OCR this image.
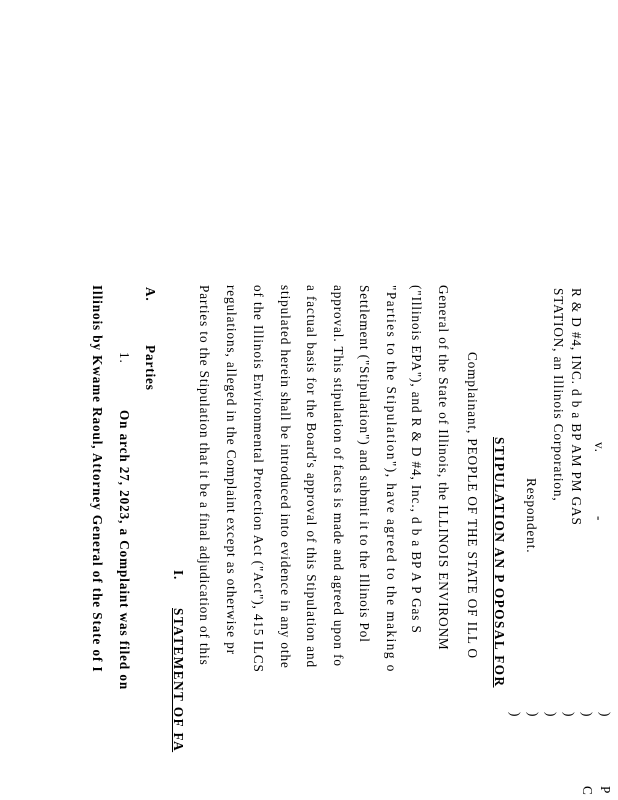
v.
-
R & D #4, INC. d b a BP AM PM GAS
STATION, an Illinois Corporation,
Respondent.
)
)
)
)
)
)
P
C
STIPULATION AN P OPOSAL FOR
Complainant, PEOPLE OF THE STATE OF ILL O
General of the State of Illinois, the ILLINOIS ENVIRONM
("Illinois EPA"), and R & D #4, Inc., d b a BP A P Gas S
"Parties to the Stipulation"), have agreed to the making o
Settlement ("Stipulation") and submit it to the Illinois Pol
approval. This stipulation of facts is made and agreed upon fo
a factual basis for the Board's approval of this Stipulation and
stipulated herein shall be introduced into evidence in any othe
of the Illinois Environmental Protection Act ("Act"), 415 ILCS
regulations, alleged in the Complaint except as otherwise pr
Parties to the Stipulation that it be a final adjudication of this
I.
STATEMENT OF FA
A.
Parties
1.
On arch 27, 2023, a Complaint was filed on
Illinois by Kwame Raoul, Attorney General of the State of I
